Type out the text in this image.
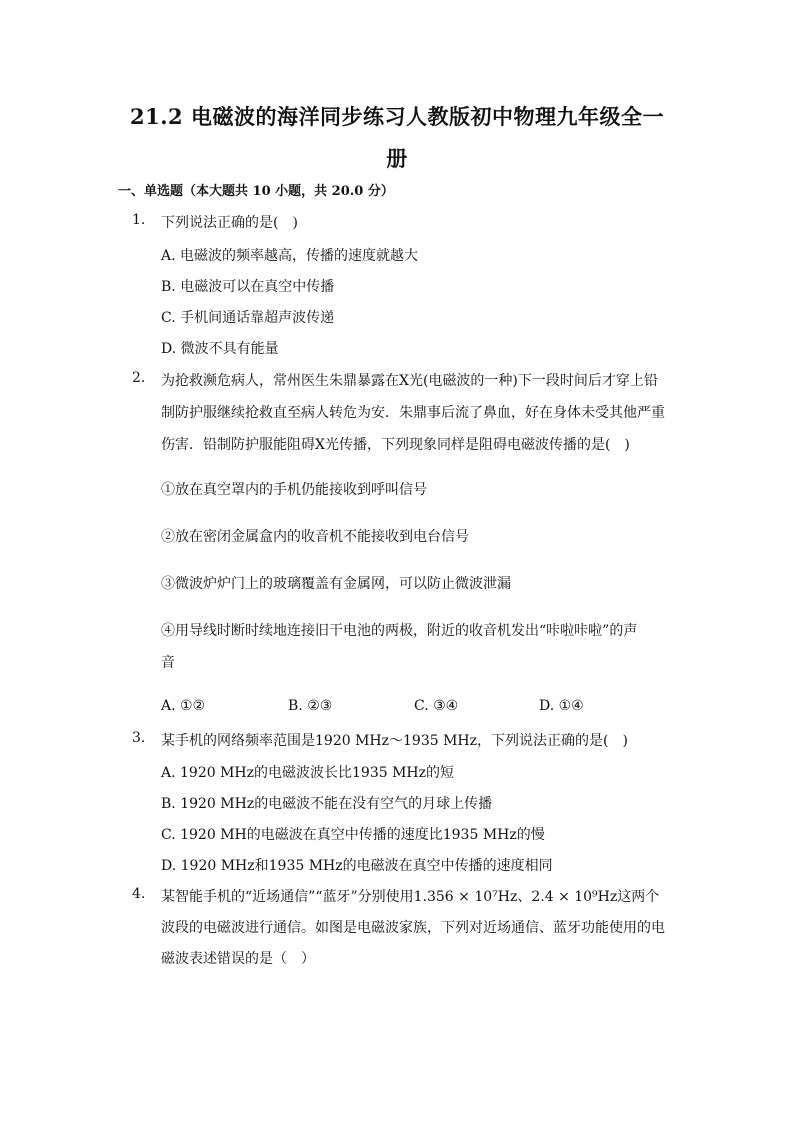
21.2 电磁波的海洋同步练习人教版初中物理九年级全一
册
一、单选题（本大题共 10 小题，共 20.0 分）
1. 下列说法正确的是(　)
A. 电磁波的频率越高，传播的速度就越大
B. 电磁波可以在真空中传播
C. 手机间通话靠超声波传递
D. 微波不具有能量
2. 为抢救濒危病人，常州医生朱鼎暴露在X光(电磁波的一种)下一段时间后才穿上铅
制防护服继续抢救直至病人转危为安．朱鼎事后流了鼻血，好在身体未受其他严重
伤害．铅制防护服能阻碍X光传播，下列现象同样是阻碍电磁波传播的是(　)
①放在真空罩内的手机仍能接收到呼叫信号
②放在密闭金属盒内的收音机不能接收到电台信号
③微波炉炉门上的玻璃覆盖有金属网，可以防止微波泄漏
④用导线时断时续地连接旧干电池的两极，附近的收音机发出“咔啦咔啦”的声
音
A. ①②	B. ②③	C. ③④	D. ①④
3. 某手机的网络频率范围是1920 MHz～1935 MHz，下列说法正确的是(　)
A. 1920 MHz的电磁波波长比1935 MHz的短
B. 1920 MHz的电磁波不能在没有空气的月球上传播
C. 1920 MH的电磁波在真空中传播的速度比1935 MHz的慢
D. 1920 MHz和1935 MHz的电磁波在真空中传播的速度相同
4. 某智能手机的“近场通信”“蓝牙”分别使用1.356 × 10⁷Hz、2.4 × 10⁹Hz这两个
波段的电磁波进行通信。如图是电磁波家族，下列对近场通信、蓝牙功能使用的电
磁波表述错误的是（　）
